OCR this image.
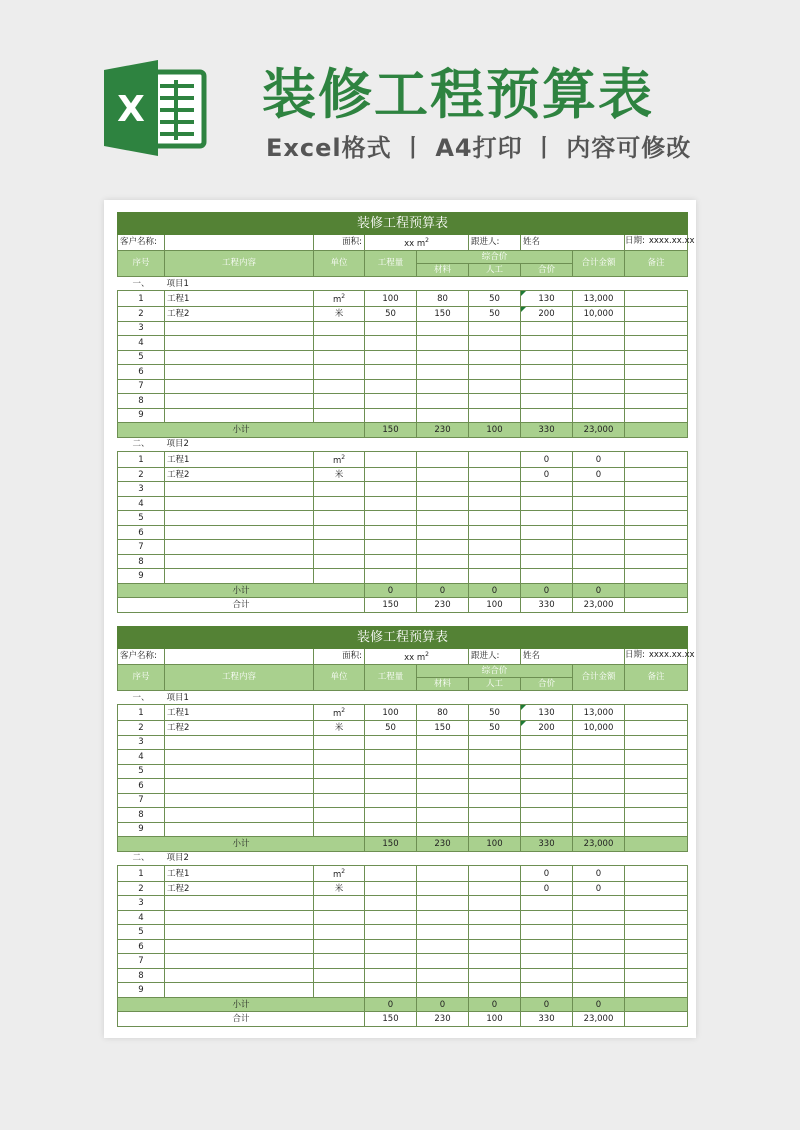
X 装修工程预算表
Excel格式 丨 A4打印 丨 内容可修改
装修工程预算表								
客户名称:		面积:	xx $m^2$		跟进人:	姓名		日期: xxxx.xx.xx

序号	工程内容	单位	工程量	综合价			合计金额	备注
				材料	人工	合价		
一、	项目1							
1	工程1	$m^2$	100	80	50	130	13,000	
2	工程2	米	50	150	50	200	10,000	
3								
4								
5								
6								
7								
8								
9								
小计			150	230	100	330	23,000	
二、	项目2							
1	工程1	$m^2$				0	0	
2	工程2	米				0	0	
3								
4								
5								
6								
7								
8								
9								
小计			0	0	0	0	0	
合计			150	230	100	330	23,000	
装修工程预算表								
客户名称:		面积:	xx $m^2$		跟进人:	姓名		日期: xxxx.xx.xx

序号	工程内容	单位	工程量	综合价			合计金额	备注
				材料	人工	合价		
一、	项目1							
1	工程1	$m^2$	100	80	50	130	13,000	
2	工程2	米	50	150	50	200	10,000	
3								
4								
5								
6								
7								
8								
9								
小计			150	230	100	330	23,000	
二、	项目2							
1	工程1	$m^2$				0	0	
2	工程2	米				0	0	
3								
4								
5								
6								
7								
8								
9								
小计			0	0	0	0	0	
合计			150	230	100	330	23,000	
